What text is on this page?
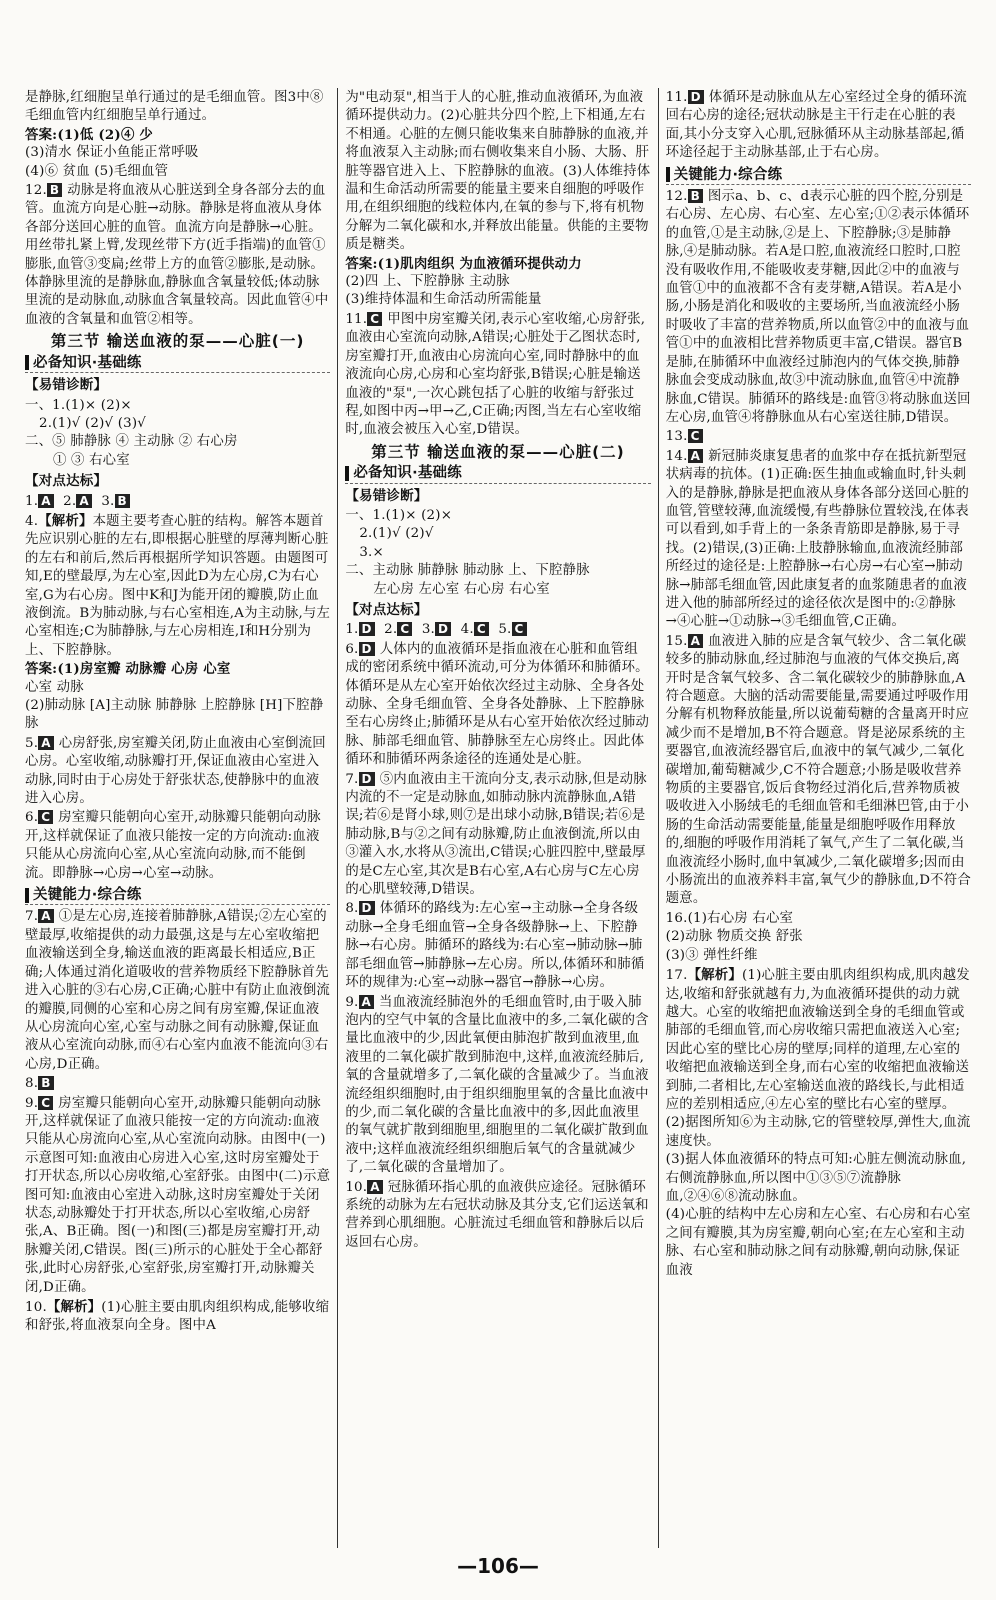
是静脉,红细胞呈单行通过的是毛细血管。图3中⑧毛细血管内红细胞呈单行通过。

答案:(1)低 (2)④ 少

(3)清水 保证小鱼能正常呼吸

(4)⑥ 贫血 (5)毛细血管

12. B 动脉是将血液从心脏送到全身各部分去的血管。血流方向是心脏→动脉。静脉是将血液从身体各部分送回心脏的血管。血流方向是静脉→心脏。用丝带扎紧上臂,发现丝带下方(近手指端)的血管①膨胀,血管③变扁;丝带上方的血管②膨胀,是动脉。体静脉里流的是静脉血,静脉血含氧量较低;体动脉里流的是动脉血,动脉血含氧量较高。因此血管④中血液的含氧量和血管②相等。
第三节 输送血液的泵——心脏(一)
必备知识·基础练
【易错诊断】

一、1.(1)× (2)×

2.(1)√ (2)√ (3)√

二、⑤ 肺静脉 ④ 主动脉 ② 右心房

① ③ 右心室

【对点达标】
1. A 2. A 3. B
4.【解析】本题主要考查心脏的结构。解答本题首先应识别心脏的左右,即根据心脏壁的厚薄判断心脏的左右和前后,然后再根据所学知识答题。由题图可知,E的壁最厚,为左心室,因此D为左心房,C为右心室,G为右心房。图中K和J为能开闭的瓣膜,防止血液倒流。B为肺动脉,与右心室相连,A为主动脉,与左心室相连;C为肺静脉,与左心房相连,I和H分别为上、下腔静脉。

答案:(1)房室瓣 动脉瓣 心房 心室

心室 动脉

(2)肺动脉 [A]主动脉 肺静脉 上腔静脉 [H]下腔静脉

5. A 心房舒张,房室瓣关闭,防止血液由心室倒流回心房。心室收缩,动脉瓣打开,保证血液由心室进入动脉,同时由于心房处于舒张状态,使静脉中的血液进入心房。
6. C 房室瓣只能朝向心室开,动脉瓣只能朝向动脉开,这样就保证了血液只能按一定的方向流动:血液只能从心房流向心室,从心室流向动脉,而不能倒流。即静脉→心房→心室→动脉。
关键能力·综合练
7. A ①是左心房,连接着肺静脉,A错误;②左心室的壁最厚,收缩提供的动力最强,这是与左心室收缩把血液输送到全身,输送血液的距离最长相适应,B正确;人体通过消化道吸收的营养物质经下腔静脉首先进入心脏的③右心房,C正确;心脏中有防止血液倒流的瓣膜,同侧的心室和心房之间有房室瓣,保证血液从心房流向心室,心室与动脉之间有动脉瓣,保证血液从心室流向动脉,而④右心室内血液不能流向③右心房,D正确。
8. B
9. C 房室瓣只能朝向心室开,动脉瓣只能朝向动脉开,这样就保证了血液只能按一定的方向流动:血液只能从心房流向心室,从心室流向动脉。由图中(一)示意图可知:血液由心房进入心室,这时房室瓣处于打开状态,所以心房收缩,心室舒张。由图中(二)示意图可知:血液由心室进入动脉,这时房室瓣处于关闭状态,动脉瓣处于打开状态,所以心室收缩,心房舒张,A、B正确。图(一)和图(三)都是房室瓣打开,动脉瓣关闭,C错误。图(三)所示的心脏处于全心都舒张,此时心房舒张,心室舒张,房室瓣打开,动脉瓣关闭,D正确。
10.【解析】(1)心脏主要由肌肉组织构成,能够收缩和舒张,将血液泵向全身。图中A

为"电动泵",相当于人的心脏,推动血液循环,为血液循环提供动力。(2)心脏共分四个腔,上下相通,左右不相通。心脏的左侧只能收集来自肺静脉的血液,并将血液泵入主动脉;而右侧收集来自小肠、大肠、肝脏等器官进入上、下腔静脉的血液。(3)人体维持体温和生命活动所需要的能量主要来自细胞的呼吸作用,在组织细胞的线粒体内,在氧的参与下,将有机物分解为二氧化碳和水,并释放出能量。供能的主要物质是糖类。

答案:(1)肌肉组织 为血液循环提供动力

(2)四 上、下腔静脉 主动脉

(3)维持体温和生命活动所需能量

11. C 甲图中房室瓣关闭,表示心室收缩,心房舒张,血液由心室流向动脉,A错误;心脏处于乙图状态时,房室瓣打开,血液由心房流向心室,同时静脉中的血液流向心房,心房和心室均舒张,B错误;心脏是输送血液的"泵",一次心跳包括了心脏的收缩与舒张过程,如图中丙→甲→乙,C正确;丙图,当左右心室收缩时,血液会被压入心室,D错误。
第三节 输送血液的泵——心脏(二)
必备知识·基础练
【易错诊断】

一、1.(1)× (2)×

2.(1)√ (2)√

3.×

二、主动脉 肺静脉 肺动脉 上、下腔静脉

左心房 左心室 右心房 右心室

【对点达标】
1. D 2. C 3. D 4. C 5. C
6. D 人体内的血液循环是指血液在心脏和血管组成的密闭系统中循环流动,可分为体循环和肺循环。体循环是从左心室开始依次经过主动脉、全身各处动脉、全身毛细血管、全身各处静脉、上下腔静脉至右心房终止;肺循环是从右心室开始依次经过肺动脉、肺部毛细血管、肺静脉至左心房终止。因此体循环和肺循环两条途径的连通处是心脏。
7. D ⑤内血液由主干流向分支,表示动脉,但是动脉内流的不一定是动脉血,如肺动脉内流静脉血,A错误;若⑥是肾小球,则⑦是出球小动脉,B错误;若⑥是肺动脉,B与②之间有动脉瓣,防止血液倒流,所以由③灌入水,水将从③流出,C错误;心脏四腔中,壁最厚的是C左心室,其次是B右心室,A右心房与C左心房的心肌壁较薄,D错误。
8. D 体循环的路线为:左心室→主动脉→全身各级动脉→全身毛细血管→全身各级静脉→上、下腔静脉→右心房。肺循环的路线为:右心室→肺动脉→肺部毛细血管→肺静脉→左心房。所以,体循环和肺循环的规律为:心室→动脉→器官→静脉→心房。
9. A 当血液流经肺泡外的毛细血管时,由于吸入肺泡内的空气中氧的含量比血液中的多,二氧化碳的含量比血液中的少,因此氧便由肺泡扩散到血液里,血液里的二氧化碳扩散到肺泡中,这样,血液流经肺后,氧的含量就增多了,二氧化碳的含量减少了。当血液流经组织细胞时,由于组织细胞里氧的含量比血液中的少,而二氧化碳的含量比血液中的多,因此血液里的氧气就扩散到细胞里,细胞里的二氧化碳扩散到血液中;这样血液流经组织细胞后氧气的含量就减少了,二氧化碳的含量增加了。
10. A 冠脉循环指心肌的血液供应途径。冠脉循环系统的动脉为左右冠状动脉及其分支,它们运送氧和营养到心肌细胞。心脏流过毛细血管和静脉后以后返回右心房。
11. D 体循环是动脉血从左心室经过全身的循环流回右心房的途径;冠状动脉是主干行走在心脏的表面,其小分支穿入心肌,冠脉循环从主动脉基部起,循环途径起于主动脉基部,止于右心房。
关键能力·综合练
12. B 图示a、b、c、d表示心脏的四个腔,分别是右心房、左心房、右心室、左心室;①②表示体循环的血管,①是主动脉,②是上、下腔静脉;③是肺静脉,④是肺动脉。若A是口腔,血液流经口腔时,口腔没有吸收作用,不能吸收麦芽糖,因此②中的血液与血管①中的血液都不含有麦芽糖,A错误。若A是小肠,小肠是消化和吸收的主要场所,当血液流经小肠时吸收了丰富的营养物质,所以血管②中的血液与血管①中的血液相比营养物质更丰富,C错误。器官B是肺,在肺循环中血液经过肺泡内的气体交换,肺静脉血会变成动脉血,故③中流动脉血,血管④中流静脉血,C错误。肺循环的路线是:血管③将动脉血送回左心房,血管④将静脉血从右心室送往肺,D错误。
13. C
14. A 新冠肺炎康复患者的血浆中存在抵抗新型冠状病毒的抗体。(1)正确:医生抽血或输血时,针头刺入的是静脉,静脉是把血液从身体各部分送回心脏的血管,管壁较薄,血流缓慢,有些静脉位置较浅,在体表可以看到,如手背上的一条条青筋即是静脉,易于寻找。(2)错误,(3)正确:上肢静脉输血,血液流经肺部所经过的途径是:上腔静脉→右心房→右心室→肺动脉→肺部毛细血管,因此康复者的血浆随患者的血液进入他的肺部所经过的途径依次是图中的:②静脉→④心脏→①动脉→③毛细血管,C正确。
15. A 血液进入肺的应是含氧气较少、含二氧化碳较多的肺动脉血,经过肺泡与血液的气体交换后,离开时是含氧气较多、含二氧化碳较少的肺静脉血,A符合题意。大脑的活动需要能量,需要通过呼吸作用分解有机物释放能量,所以说葡萄糖的含量离开时应减少而不是增加,B不符合题意。肾是泌尿系统的主要器官,血液流经器官后,血液中的氧气减少,二氧化碳增加,葡萄糖减少,C不符合题意;小肠是吸收营养物质的主要器官,饭后食物经过消化后,营养物质被吸收进入小肠绒毛的毛细血管和毛细淋巴管,由于小肠的生命活动需要能量,能量是细胞呼吸作用释放的,细胞的呼吸作用消耗了氧气,产生了二氧化碳,当血液流经小肠时,血中氧减少,二氧化碳增多;因而由小肠流出的血液养料丰富,氧气少的静脉血,D不符合题意。
16.(1)右心房 右心室

(2)动脉 物质交换 舒张

(3)③ 弹性纤维

17.【解析】(1)心脏主要由肌肉组织构成,肌肉越发达,收缩和舒张就越有力,为血液循环提供的动力就越大。心室的收缩把血液输送到全身的毛细血管或肺部的毛细血管,而心房收缩只需把血液送入心室;因此心室的壁比心房的壁厚;同样的道理,左心室的收缩把血液输送到全身,而右心室的收缩把血液输送到肺,二者相比,左心室输送血液的路线长,与此相适应的差别相适应,④左心室的壁比右心室的壁厚。

(2)据图所知⑥为主动脉,它的管壁较厚,弹性大,血流速度快。

(3)据人体血液循环的特点可知:心脏左侧流动脉血,右侧流静脉血,所以图中①③⑤⑦流静脉血,②④⑥⑧流动脉血。

(4)心脏的结构中左心房和左心室、右心房和右心室之间有瓣膜,其为房室瓣,朝向心室;在左心室和主动脉、右心室和肺动脉之间有动脉瓣,朝向动脉,保证血液

—106—
